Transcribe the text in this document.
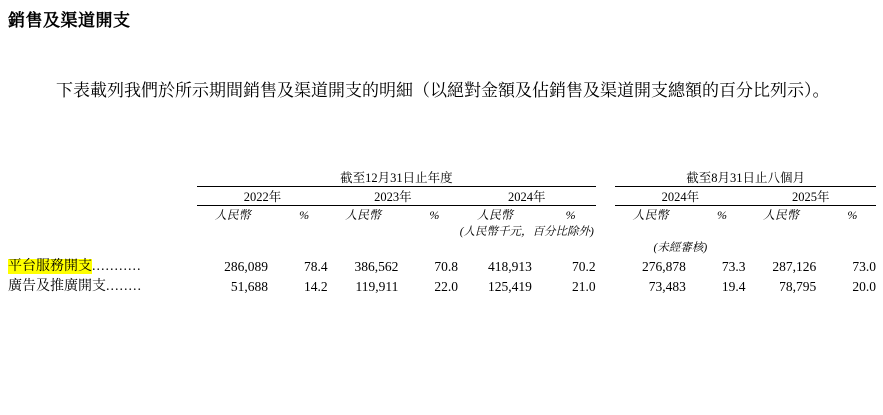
銷售及渠道開支
下表載列我們於所示期間銷售及渠道開支的明細（以絕對金額及佔銷售及渠道開支總額的百分比列示）。
	截至12月31日止年度										截至8月31日止八個月					
	2022年			2023年			2024年				2024年			2025年		
	人民幣		%	人民幣		%	人民幣		%		人民幣		%	人民幣		%
							(人民幣千元，百分比除外)									
											(未經審核)					
平台服務開支...........	286,089		78.4	386,562		70.8	418,913		70.2		276,878		73.3	287,126		73.0
廣告及推廣開支........	51,688		14.2	119,911		22.0	125,419		21.0		73,483		19.4	78,795		20.0
